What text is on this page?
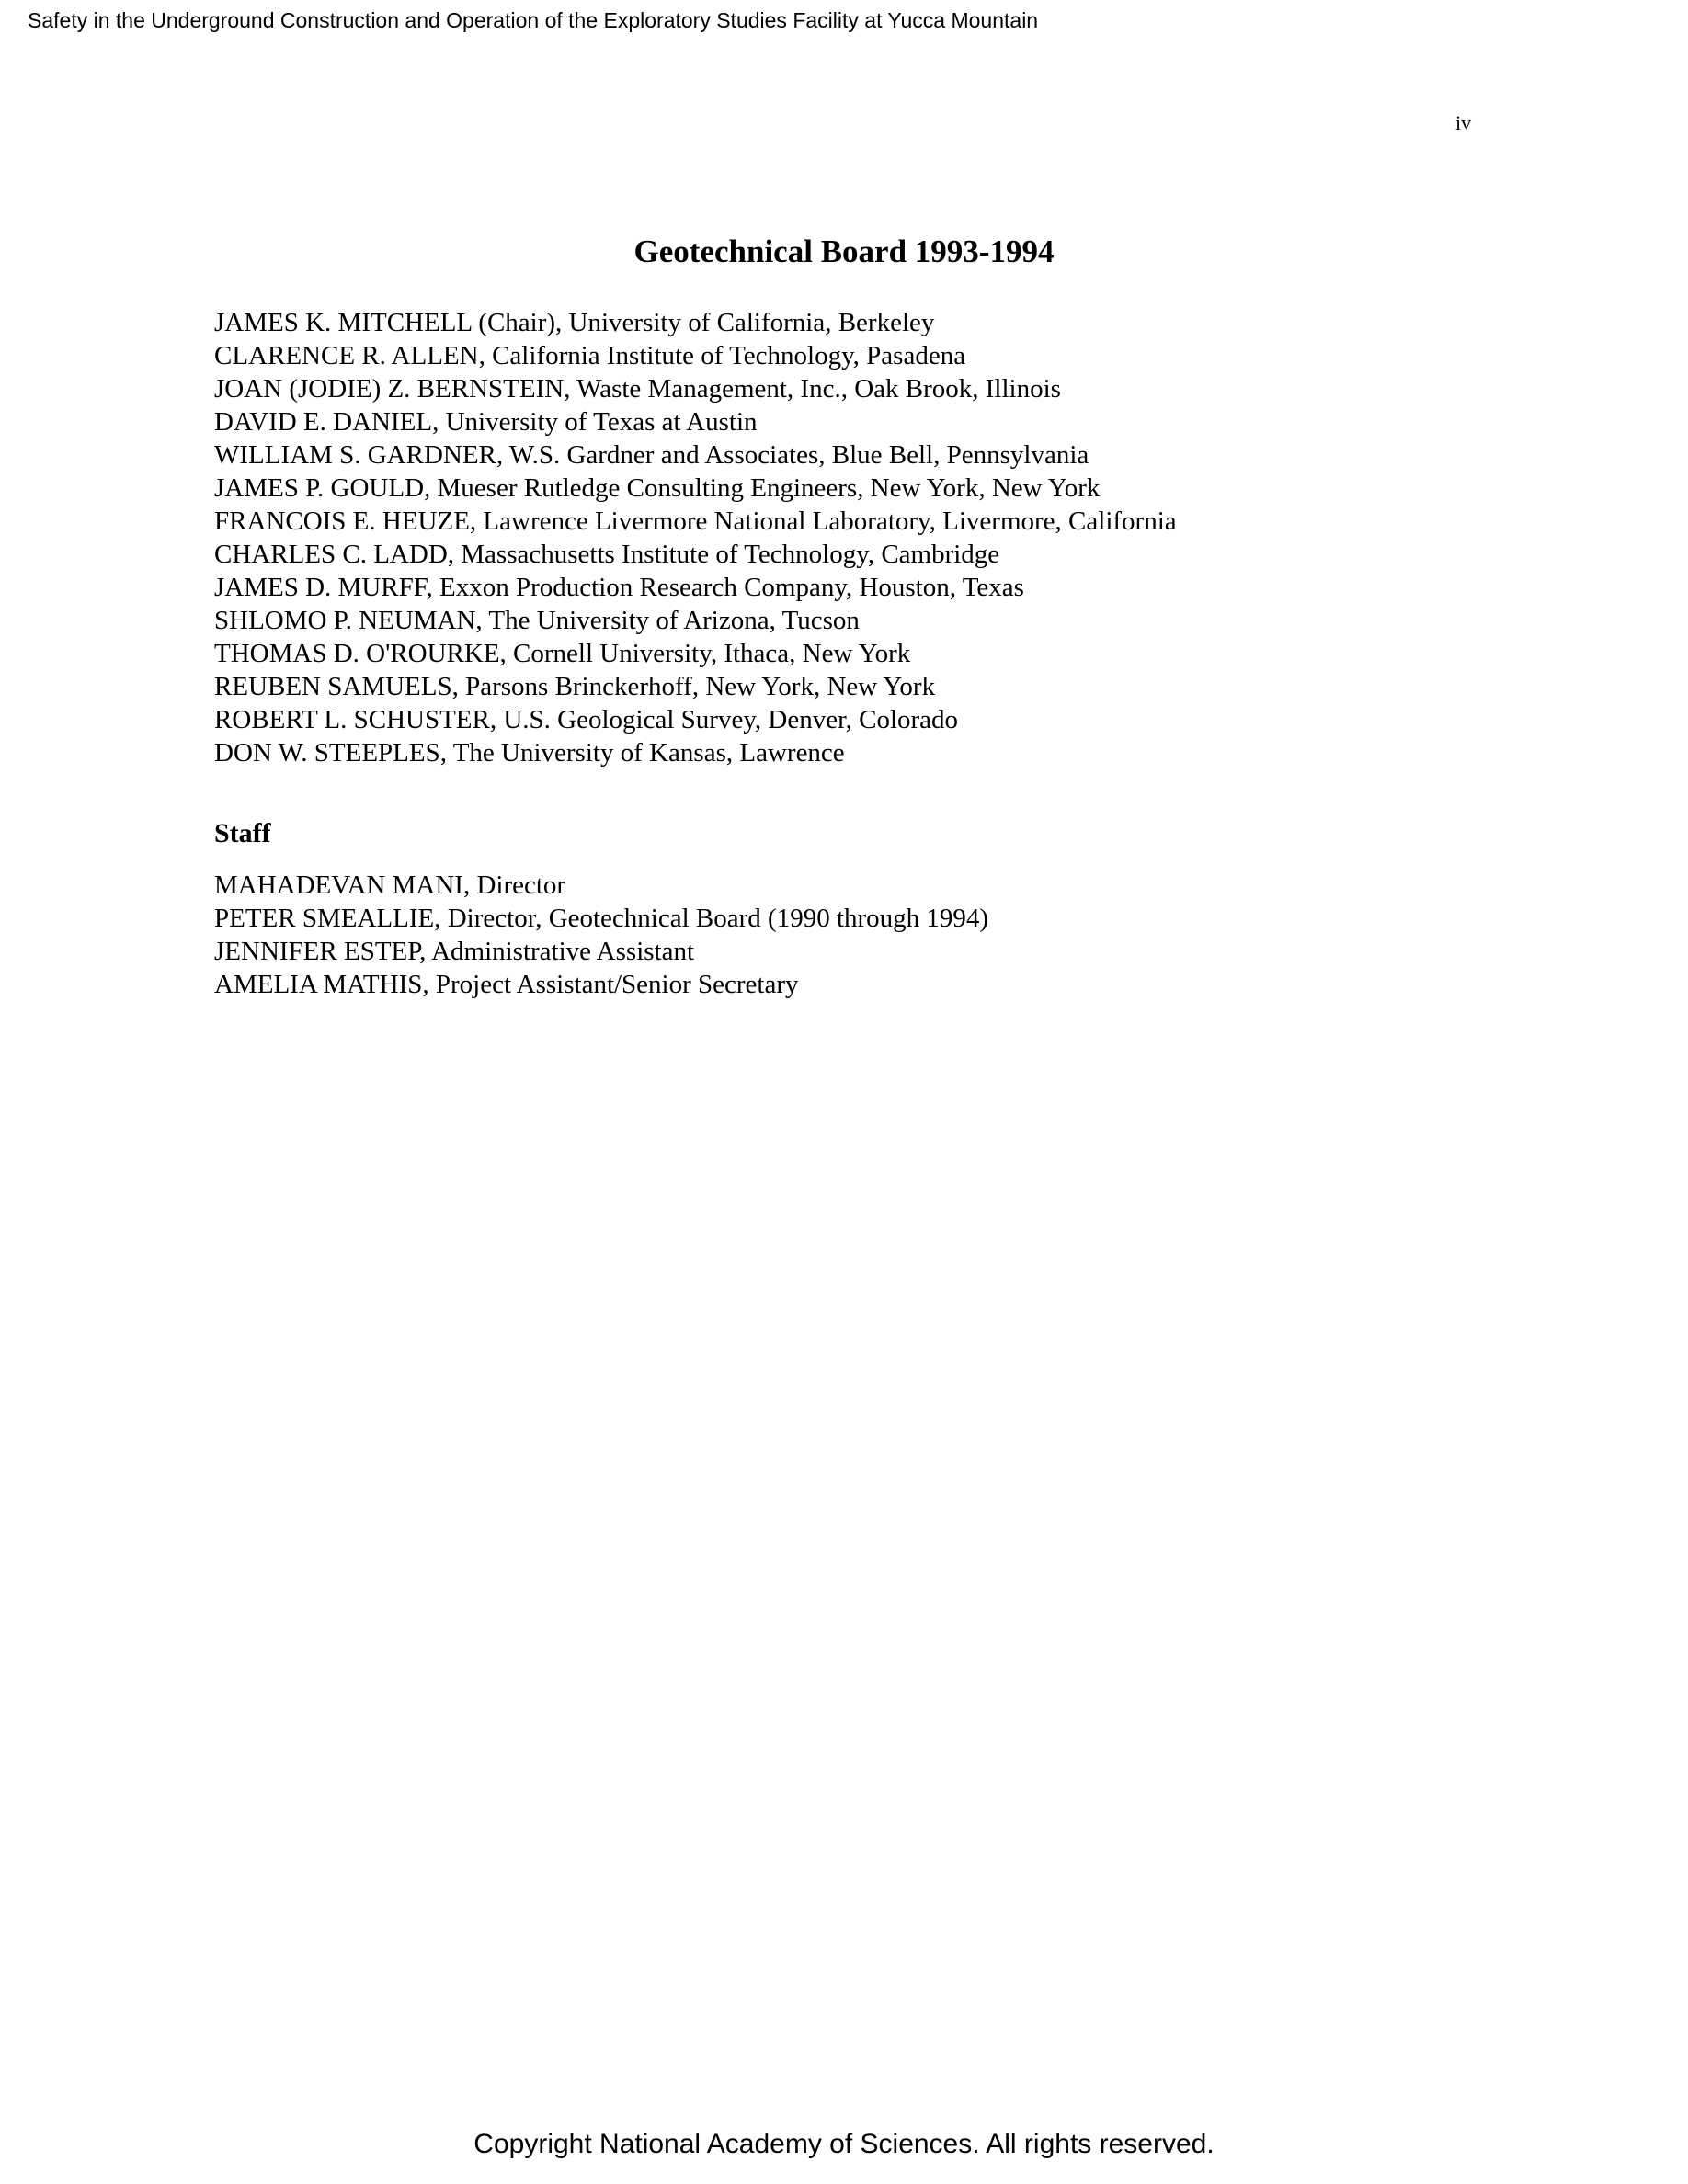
Safety in the Underground Construction and Operation of the Exploratory Studies Facility at Yucca Mountain
iv
Geotechnical Board 1993-1994
JAMES K. MITCHELL (Chair), University of California, Berkeley
CLARENCE R. ALLEN, California Institute of Technology, Pasadena
JOAN (JODIE) Z. BERNSTEIN, Waste Management, Inc., Oak Brook, Illinois
DAVID E. DANIEL, University of Texas at Austin
WILLIAM S. GARDNER, W.S. Gardner and Associates, Blue Bell, Pennsylvania
JAMES P. GOULD, Mueser Rutledge Consulting Engineers, New York, New York
FRANCOIS E. HEUZE, Lawrence Livermore National Laboratory, Livermore, California
CHARLES C. LADD, Massachusetts Institute of Technology, Cambridge
JAMES D. MURFF, Exxon Production Research Company, Houston, Texas
SHLOMO P. NEUMAN, The University of Arizona, Tucson
THOMAS D. O'ROURKE, Cornell University, Ithaca, New York
REUBEN SAMUELS, Parsons Brinckerhoff, New York, New York
ROBERT L. SCHUSTER, U.S. Geological Survey, Denver, Colorado
DON W. STEEPLES, The University of Kansas, Lawrence
Staff
MAHADEVAN MANI, Director
PETER SMEALLIE, Director, Geotechnical Board (1990 through 1994)
JENNIFER ESTEP, Administrative Assistant
AMELIA MATHIS, Project Assistant/Senior Secretary
Copyright National Academy of Sciences. All rights reserved.
